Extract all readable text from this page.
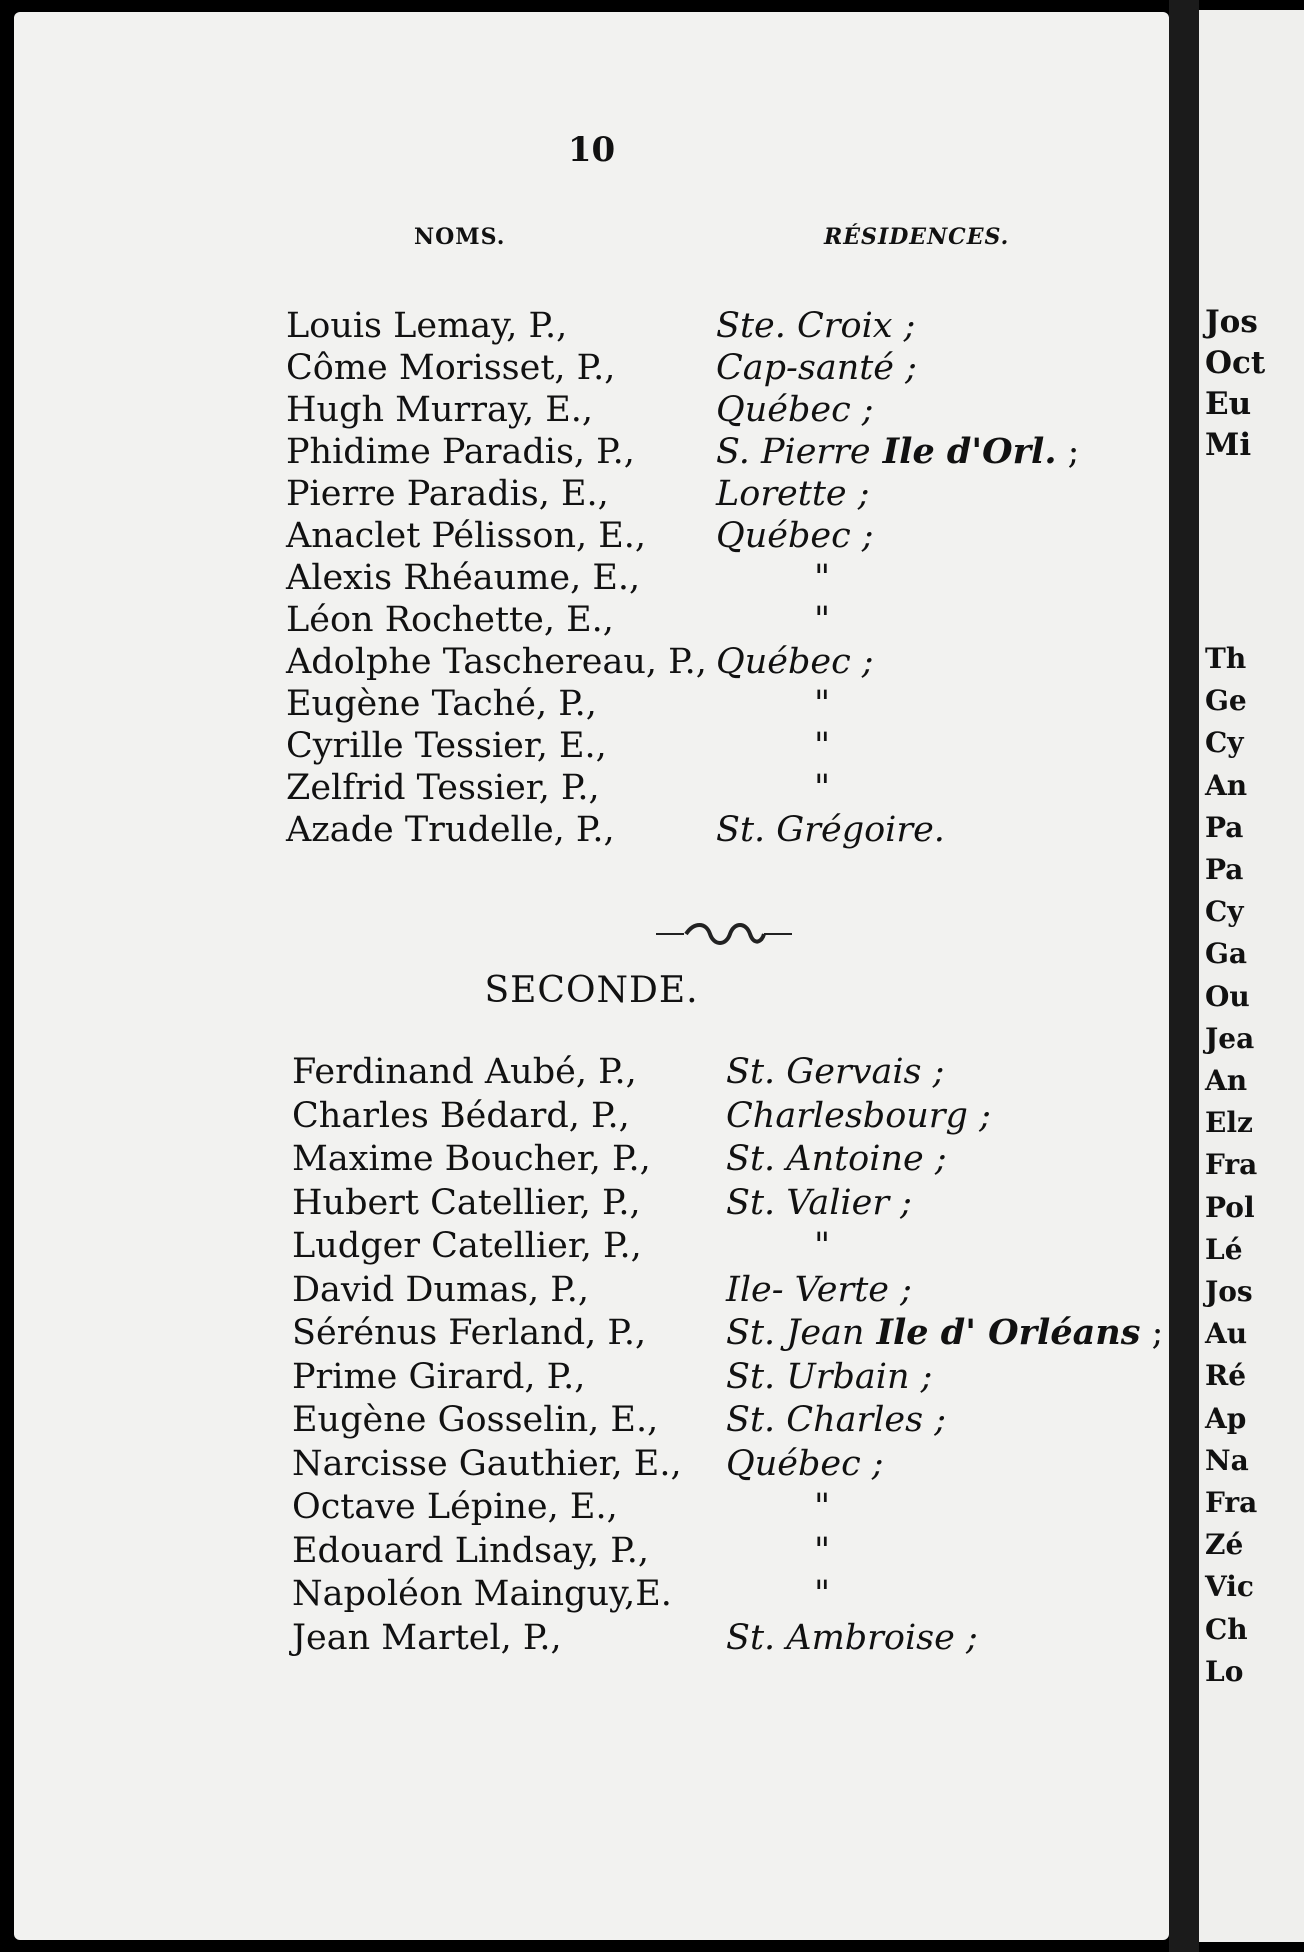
10
NOMS.	RÉSIDENCES.
Louis Lemay, P.,	Ste. Croix ;
Côme Morisset, P.,	Cap-santé ;
Hugh Murray, E.,	Québec ;
Phidime Paradis, P., S. Pierre Ile d'Orl. ;
Pierre Paradis, E.,	Lorette ;
Anaclet Pélisson, E., Québec ;
Alexis Rhéaume, E.,	"
Léon Rochette, E.,	"
Adolphe Taschereau, P., Québec ;
Eugène Taché, P.,	"
Cyrille Tessier, E.,	"
Zelfrid Tessier, P.,	"
Azade Trudelle, P.,	St. Grégoire.
SECONDE.
Ferdinand Aubé, P.,	St. Gervais ;
Charles Bédard, P.,	Charlesbourg ;
Maxime Boucher, P., St. Antoine ;
Hubert Catellier, P., St. Valier ;
Ludger Catellier, P.,	"
David Dumas, P.,	Ile- Verte ;
Sérénus Ferland, P., St. Jean Ile d' Orléans ;
Prime Girard, P.,	St. Urbain ;
Eugène Gosselin, E., St. Charles ;
Narcisse Gauthier, E., Québec ;
Octave Lépine, E.,	"
Edouard Lindsay, P.,	"
Napoléon Mainguy,E.	"
Jean Martel, P.,	St. Ambroise ;
Jos
Oct
Eu
Mi
Th
Ge
Cy
An
Pa
Pa
Cy
Ga
Ou
Jea
An
Elz
Fra
Pol
Lé
Jos
Au
Ré
Ap
Na
Fra
Zé
Vic
Ch
Lo
